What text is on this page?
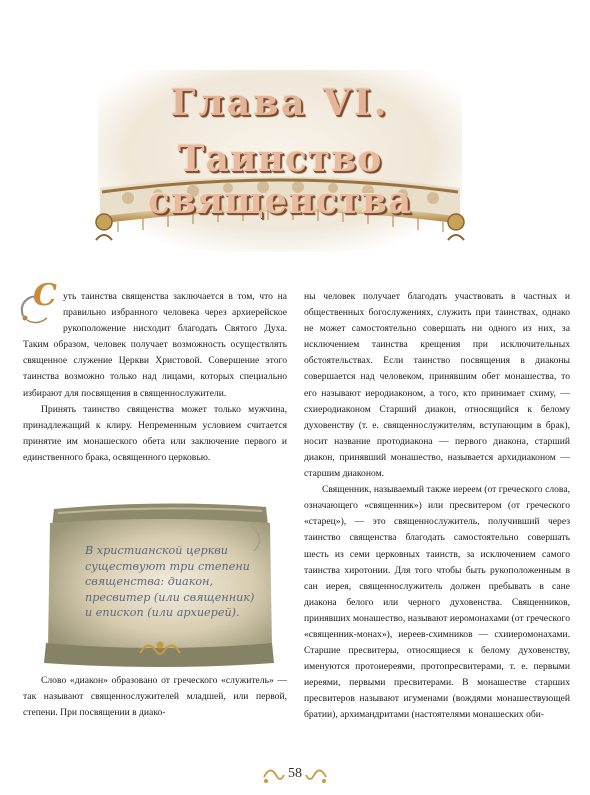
Глава VI.
Таинство священства
С уть таинства священства заключается в том, что на правильно избранного человека через архиерейское рукоположение нисходит благодать Святого Духа. Таким образом, человек получает возможность осуществлять священное служение Церкви Христовой. Совершение этого таинства возможно только над лицами, которых специально избирают для посвящения в священнослужители.

Принять таинство священства может только мужчина, принадлежащий к клиру. Непременным условием считается принятие им монашеского обета или заключение первого и единственного брака, освященного церковью.

В христианской церкви существуют три степени священства: диакон, пресвитер (или священник) и епископ (или архиерей).

Слово «диакон» образовано от греческого «служитель» — так называют священнослужителей младшей, или первой, степени. При посвящении в диако-

ны человек получает благодать участвовать в частных и общественных богослужениях, служить при таинствах, однако не может самостоятельно совершать ни одного из них, за исключением таинства крещения при исключительных обстоятельствах. Если таинство посвящения в диаконы совершается над человеком, принявшим обет монашества, то его называют иеродиаконом, а того, кто принимает схиму, — схиеродиаконом Старший диакон, относящийся к белому духовенству (т. е. священнослужителям, вступающим в брак), носит название протодиакона — первого диакона, старший диакон, принявший монашество, называется архидиаконом — старшим диаконом.

Священник, называемый также иереем (от греческого слова, означающего «священник») или пресвитером (от греческого «старец»), — это священнослужитель, получивший через таинство священства благодать самостоятельно совершать шесть из семи церковных таинств, за исключением самого таинства хиротонии. Для того чтобы быть рукоположенным в сан иерея, священнослужитель должен пребывать в сане диакона белого или черного духовенства. Священников, принявших монашество, называют иеромонахами (от греческого «священник-монах»), иереев-схимников — схииеромонахами. Старшие пресвитеры, относящиеся к белому духовенству, именуются протоиереями, протопресвитерами, т. е. первыми иереями, первыми пресвитерами. В монашестве старших пресвитеров называют игуменами (вождями монашествующей братии), архимандритами (настоятелями монашеских оби-

58
